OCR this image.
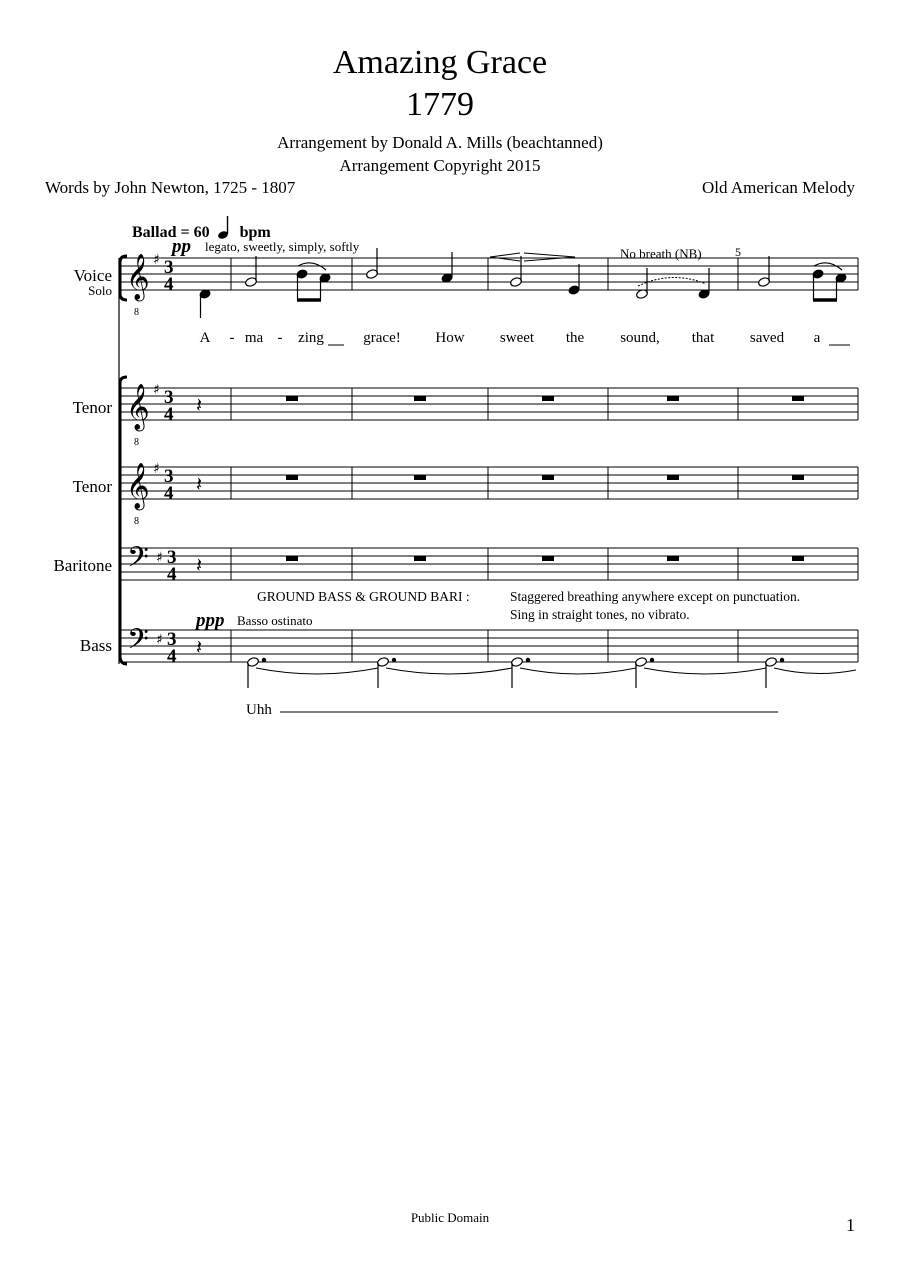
Amazing Grace
1779
Arrangement by Donald A. Mills (beachtanned)
Arrangement Copyright 2015
Words by John Newton, 1725 - 1807	Old American Melody
Ballad = 60 bpm
pp legato, sweetly, simply, softly	No breath (NB)	5
GROUND BASS & GROUND BARI :	Staggered breathing anywhere except on punctuation.
Sing in straight tones, no vibrato.
ppp Basso ostinato
Voice
Solo
Tenor
Tenor
Baritone
Bass
A	- ma -	zing	grace!	How	sweet	the	sound,	that	saved	a
Uhh
Public Domain	1
𝄞
8
𝄞
8
𝄞
8
𝄢
𝄢
♯
♯
♯
♯
♯
3
4
3
4
3
4
3
4
3
4
𝄽
𝄽
𝄽
𝄽
